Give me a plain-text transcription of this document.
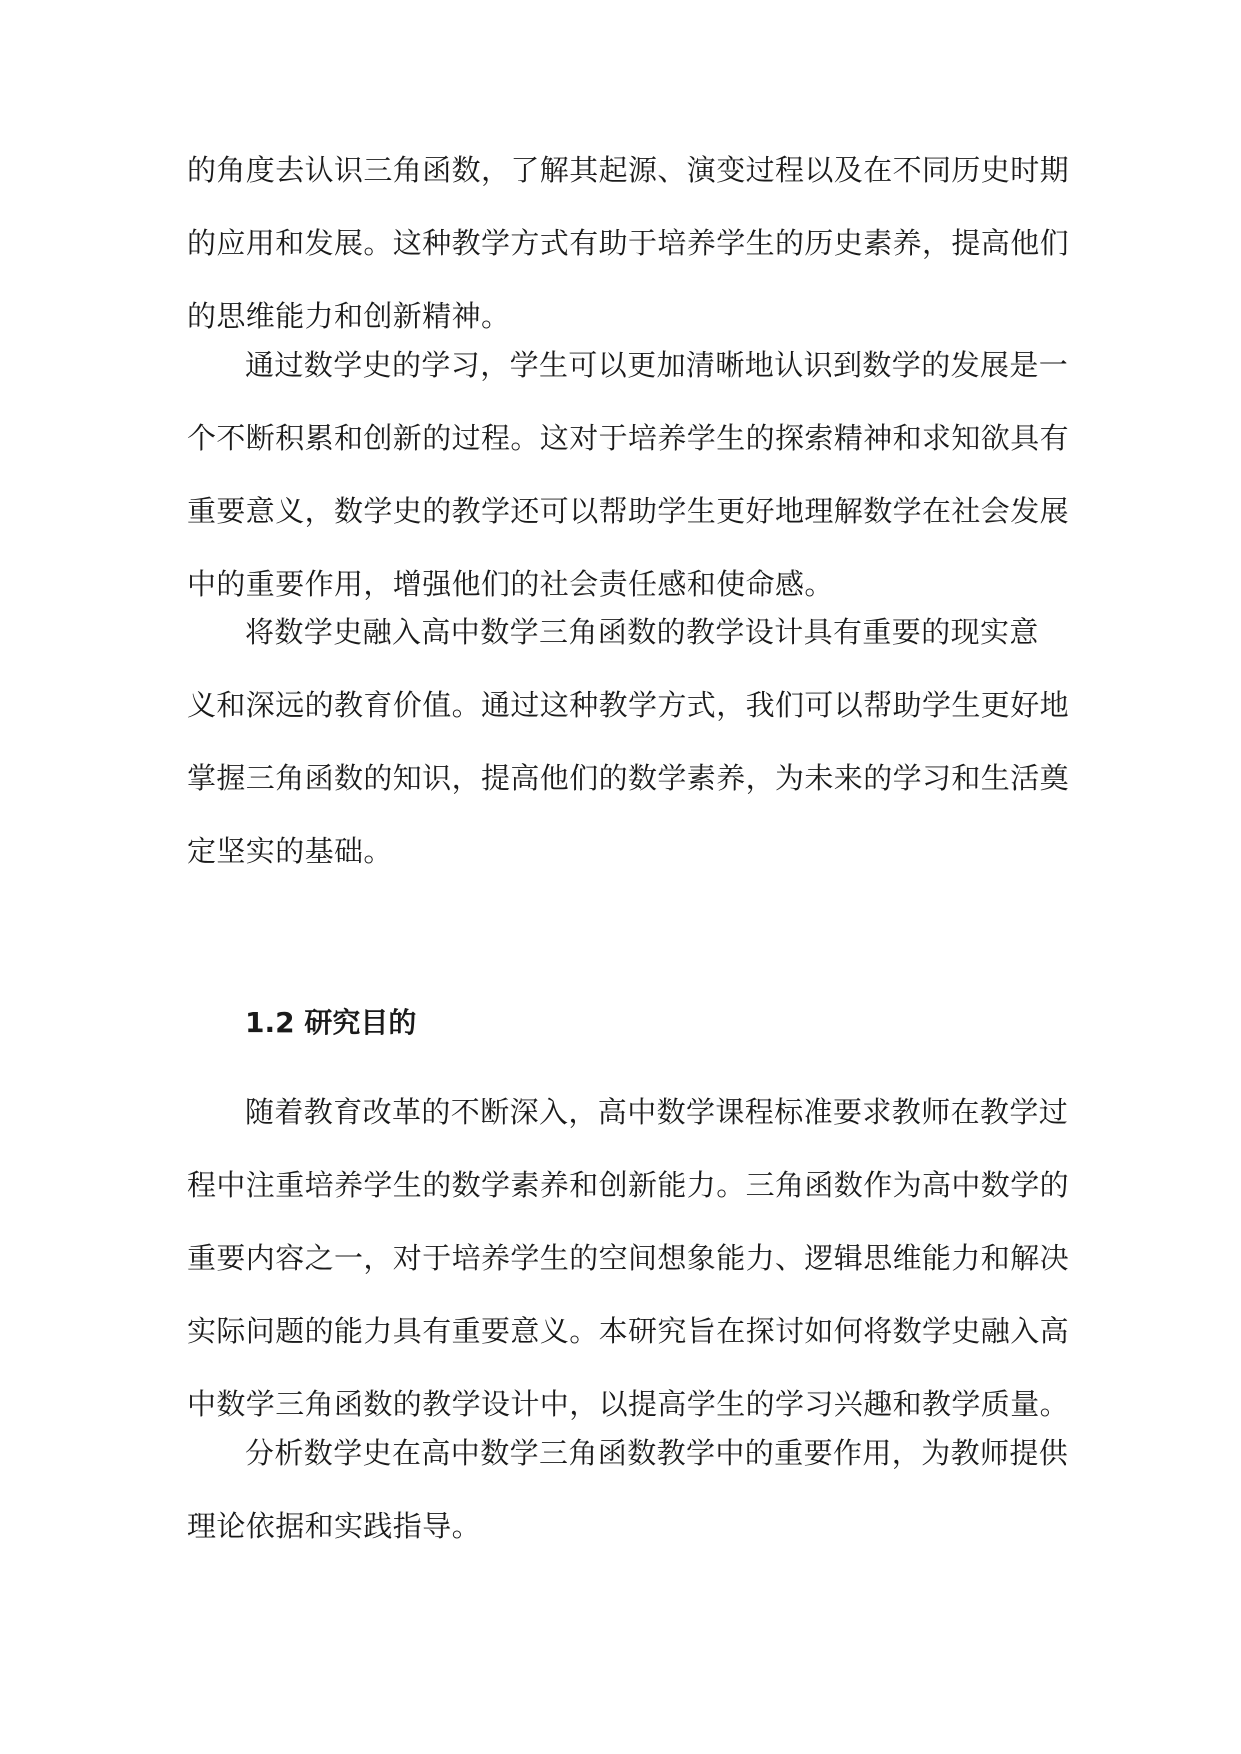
的角度去认识三角函数，了解其起源、演变过程以及在不同历史时期
的应用和发展。这种教学方式有助于培养学生的历史素养，提高他们
的思维能力和创新精神。
通过数学史的学习，学生可以更加清晰地认识到数学的发展是一
个不断积累和创新的过程。这对于培养学生的探索精神和求知欲具有
重要意义，数学史的教学还可以帮助学生更好地理解数学在社会发展
中的重要作用，增强他们的社会责任感和使命感。
将数学史融入高中数学三角函数的教学设计具有重要的现实意
义和深远的教育价值。通过这种教学方式，我们可以帮助学生更好地
掌握三角函数的知识，提高他们的数学素养，为未来的学习和生活奠
定坚实的基础。
1.2 研究目的
随着教育改革的不断深入，高中数学课程标准要求教师在教学过
程中注重培养学生的数学素养和创新能力。三角函数作为高中数学的
重要内容之一，对于培养学生的空间想象能力、逻辑思维能力和解决
实际问题的能力具有重要意义。本研究旨在探讨如何将数学史融入高
中数学三角函数的教学设计中，以提高学生的学习兴趣和教学质量。
分析数学史在高中数学三角函数教学中的重要作用，为教师提供
理论依据和实践指导。
